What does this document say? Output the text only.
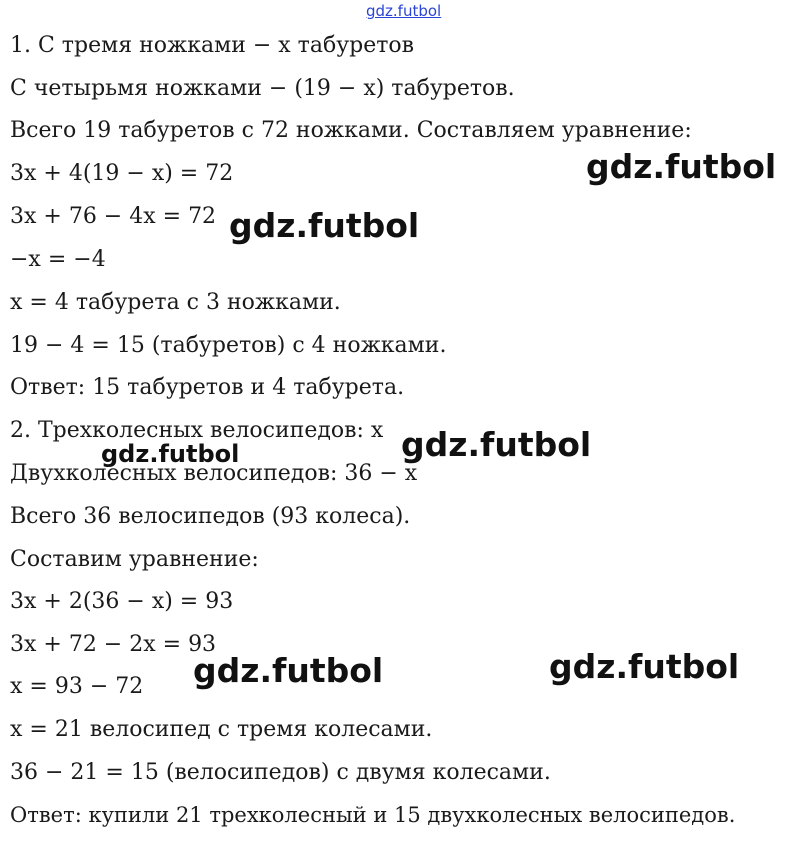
1. С тремя ножками − x табуретов
С четырьмя ножками − (19 − x) табуретов.
Всего 19 табуретов с 72 ножками. Составляем уравнение:
3x + 4(19 − x) = 72
3x + 76 − 4x = 72
−x = −4
x = 4 табурета с 3 ножками.
19 − 4 = 15 (табуретов) с 4 ножками.
Ответ: 15 табуретов и 4 табурета.
2. Трехколесных велосипедов: x
Двухколесных велосипедов: 36 − x
Всего 36 велосипедов (93 колеса).
Составим уравнение:
3x + 2(36 − x) = 93
3x + 72 − 2x = 93
x = 93 − 72
x = 21 велосипед с тремя колесами.
36 − 21 = 15 (велосипедов) с двумя колесами.
Ответ: купили 21 трехколесный и 15 двухколесных велосипедов.
gdz.futbol
gdz.futbol
gdz.futbol
gdz.futbol
gdz.futbol
gdz.futbol	gdz.futbol
